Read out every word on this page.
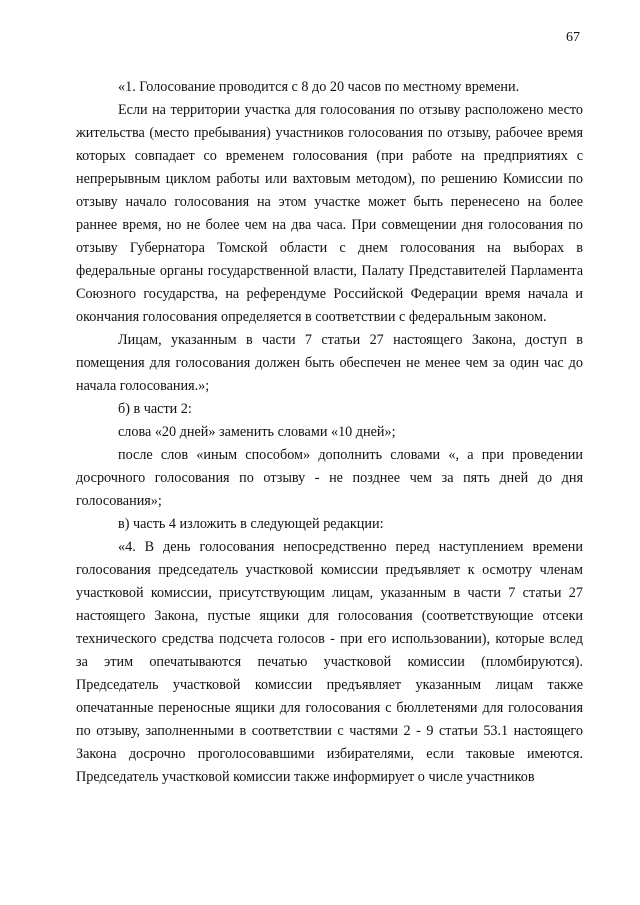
67

«1. Голосование проводится с 8 до 20 часов по местному времени.

Если на территории участка для голосования по отзыву расположено место жительства (место пребывания) участников голосования по отзыву, рабочее время которых совпадает со временем голосования (при работе на предприятиях с непрерывным циклом работы или вахтовым методом), по решению Комиссии по отзыву начало голосования на этом участке может быть перенесено на более раннее время, но не более чем на два часа. При совмещении дня голосования по отзыву Губернатора Томской области с днем голосования на выборах в федеральные органы государственной власти, Палату Представителей Парламента Союзного государства, на референдуме Российской Федерации время начала и окончания голосования определяется в соответствии с федеральным законом.

Лицам, указанным в части 7 статьи 27 настоящего Закона, доступ в помещения для голосования должен быть обеспечен не менее чем за один час до начала голосования.»;

б) в части 2:

слова «20 дней» заменить словами «10 дней»;

после слов «иным способом» дополнить словами «, а при проведении досрочного голосования по отзыву - не позднее чем за пять дней до дня голосования»;

в) часть 4 изложить в следующей редакции:

«4. В день голосования непосредственно перед наступлением времени голосования председатель участковой комиссии предъявляет к осмотру членам участковой комиссии, присутствующим лицам, указанным в части 7 статьи 27 настоящего Закона, пустые ящики для голосования (соответствующие отсеки технического средства подсчета голосов - при его использовании), которые вслед за этим опечатываются печатью участковой комиссии (пломбируются). Председатель участковой комиссии предъявляет указанным лицам также опечатанные переносные ящики для голосования с бюллетенями для голосования по отзыву, заполненными в соответствии с частями 2 - 9 статьи 53.1 настоящего Закона досрочно проголосовавшими избирателями, если таковые имеются. Председатель участковой комиссии также информирует о числе участников
